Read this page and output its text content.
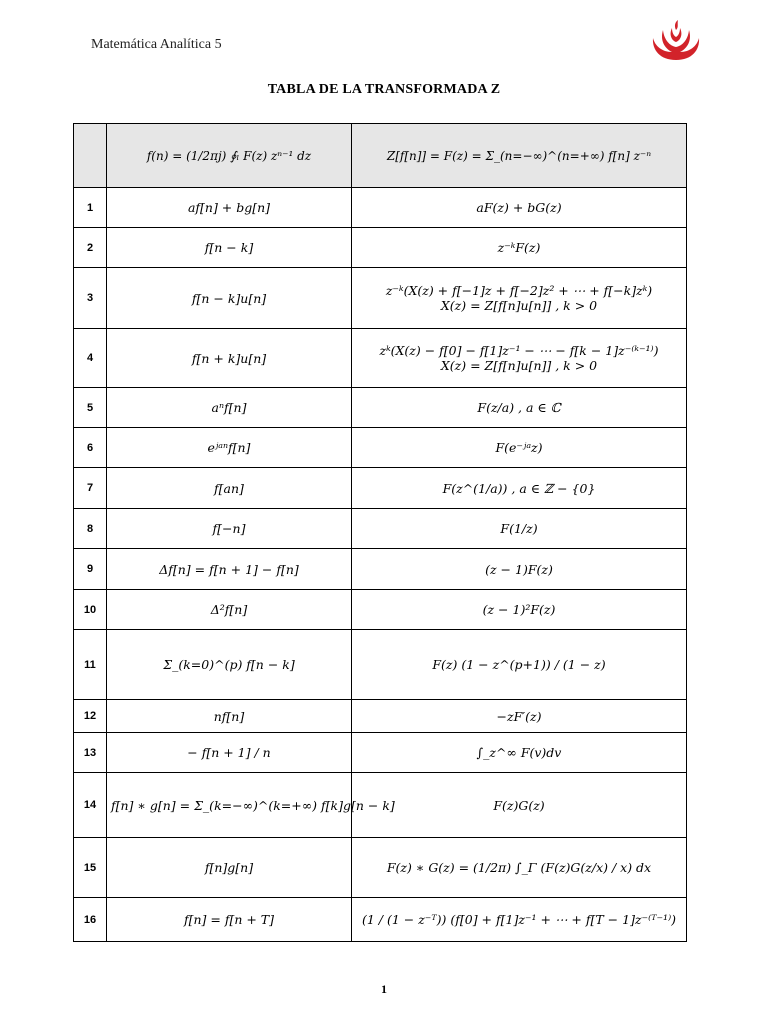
Matemática Analítica 5
TABLA DE LA TRANSFORMADA Z
	f(n) = (1/2πj) ∮ₗ F(z) zⁿ⁻¹ dz	Z[f[n]] = F(z) = Σ_(n=−∞)^(n=+∞) f[n] z⁻ⁿ
1	af[n] + bg[n]	aF(z) + bG(z)

2	f[n − k]	z⁻ᵏF(z)

3	f[n − k]u[n]	z⁻ᵏ(X(z) + f[−1]z + f[−2]z² + ⋯ + f[−k]zᵏ)
X(z) = Z[f[n]u[n]] , k > 0

4	f[n + k]u[n]	zᵏ(X(z) − f[0] − f[1]z⁻¹ − ⋯ − f[k − 1]z⁻⁽ᵏ⁻¹⁾)
X(z) = Z[f[n]u[n]] , k > 0

5	aⁿf[n]	F(z/a) , a ∈ ℂ

6	eʲᵃⁿf[n]	F(e⁻ʲᵃz)

7	f[an]	F(z^(1/a)) , a ∈ ℤ − {0}

8	f[−n]	F(1/z)

9	Δf[n] = f[n + 1] − f[n]	(z − 1)F(z)

10	Δ²f[n]	(z − 1)²F(z)

11	Σ_(k=0)^(p) f[n − k]	F(z) (1 − z^(p+1)) / (1 − z)

12	nf[n]	−zF′(z)

13	− f[n + 1] / n	∫_z^∞ F(v)dv

14	f[n] ∗ g[n] = Σ_(k=−∞)^(k=+∞) f[k]g[n − k]	F(z)G(z)

15	f[n]g[n]	F(z) ∗ G(z) = (1/2π) ∫_Γ (F(z)G(z/x) / x) dx

16	f[n] = f[n + T]	(1 / (1 − z⁻ᵀ)) (f[0] + f[1]z⁻¹ + ⋯ + f[T − 1]z⁻⁽ᵀ⁻¹⁾)
1
